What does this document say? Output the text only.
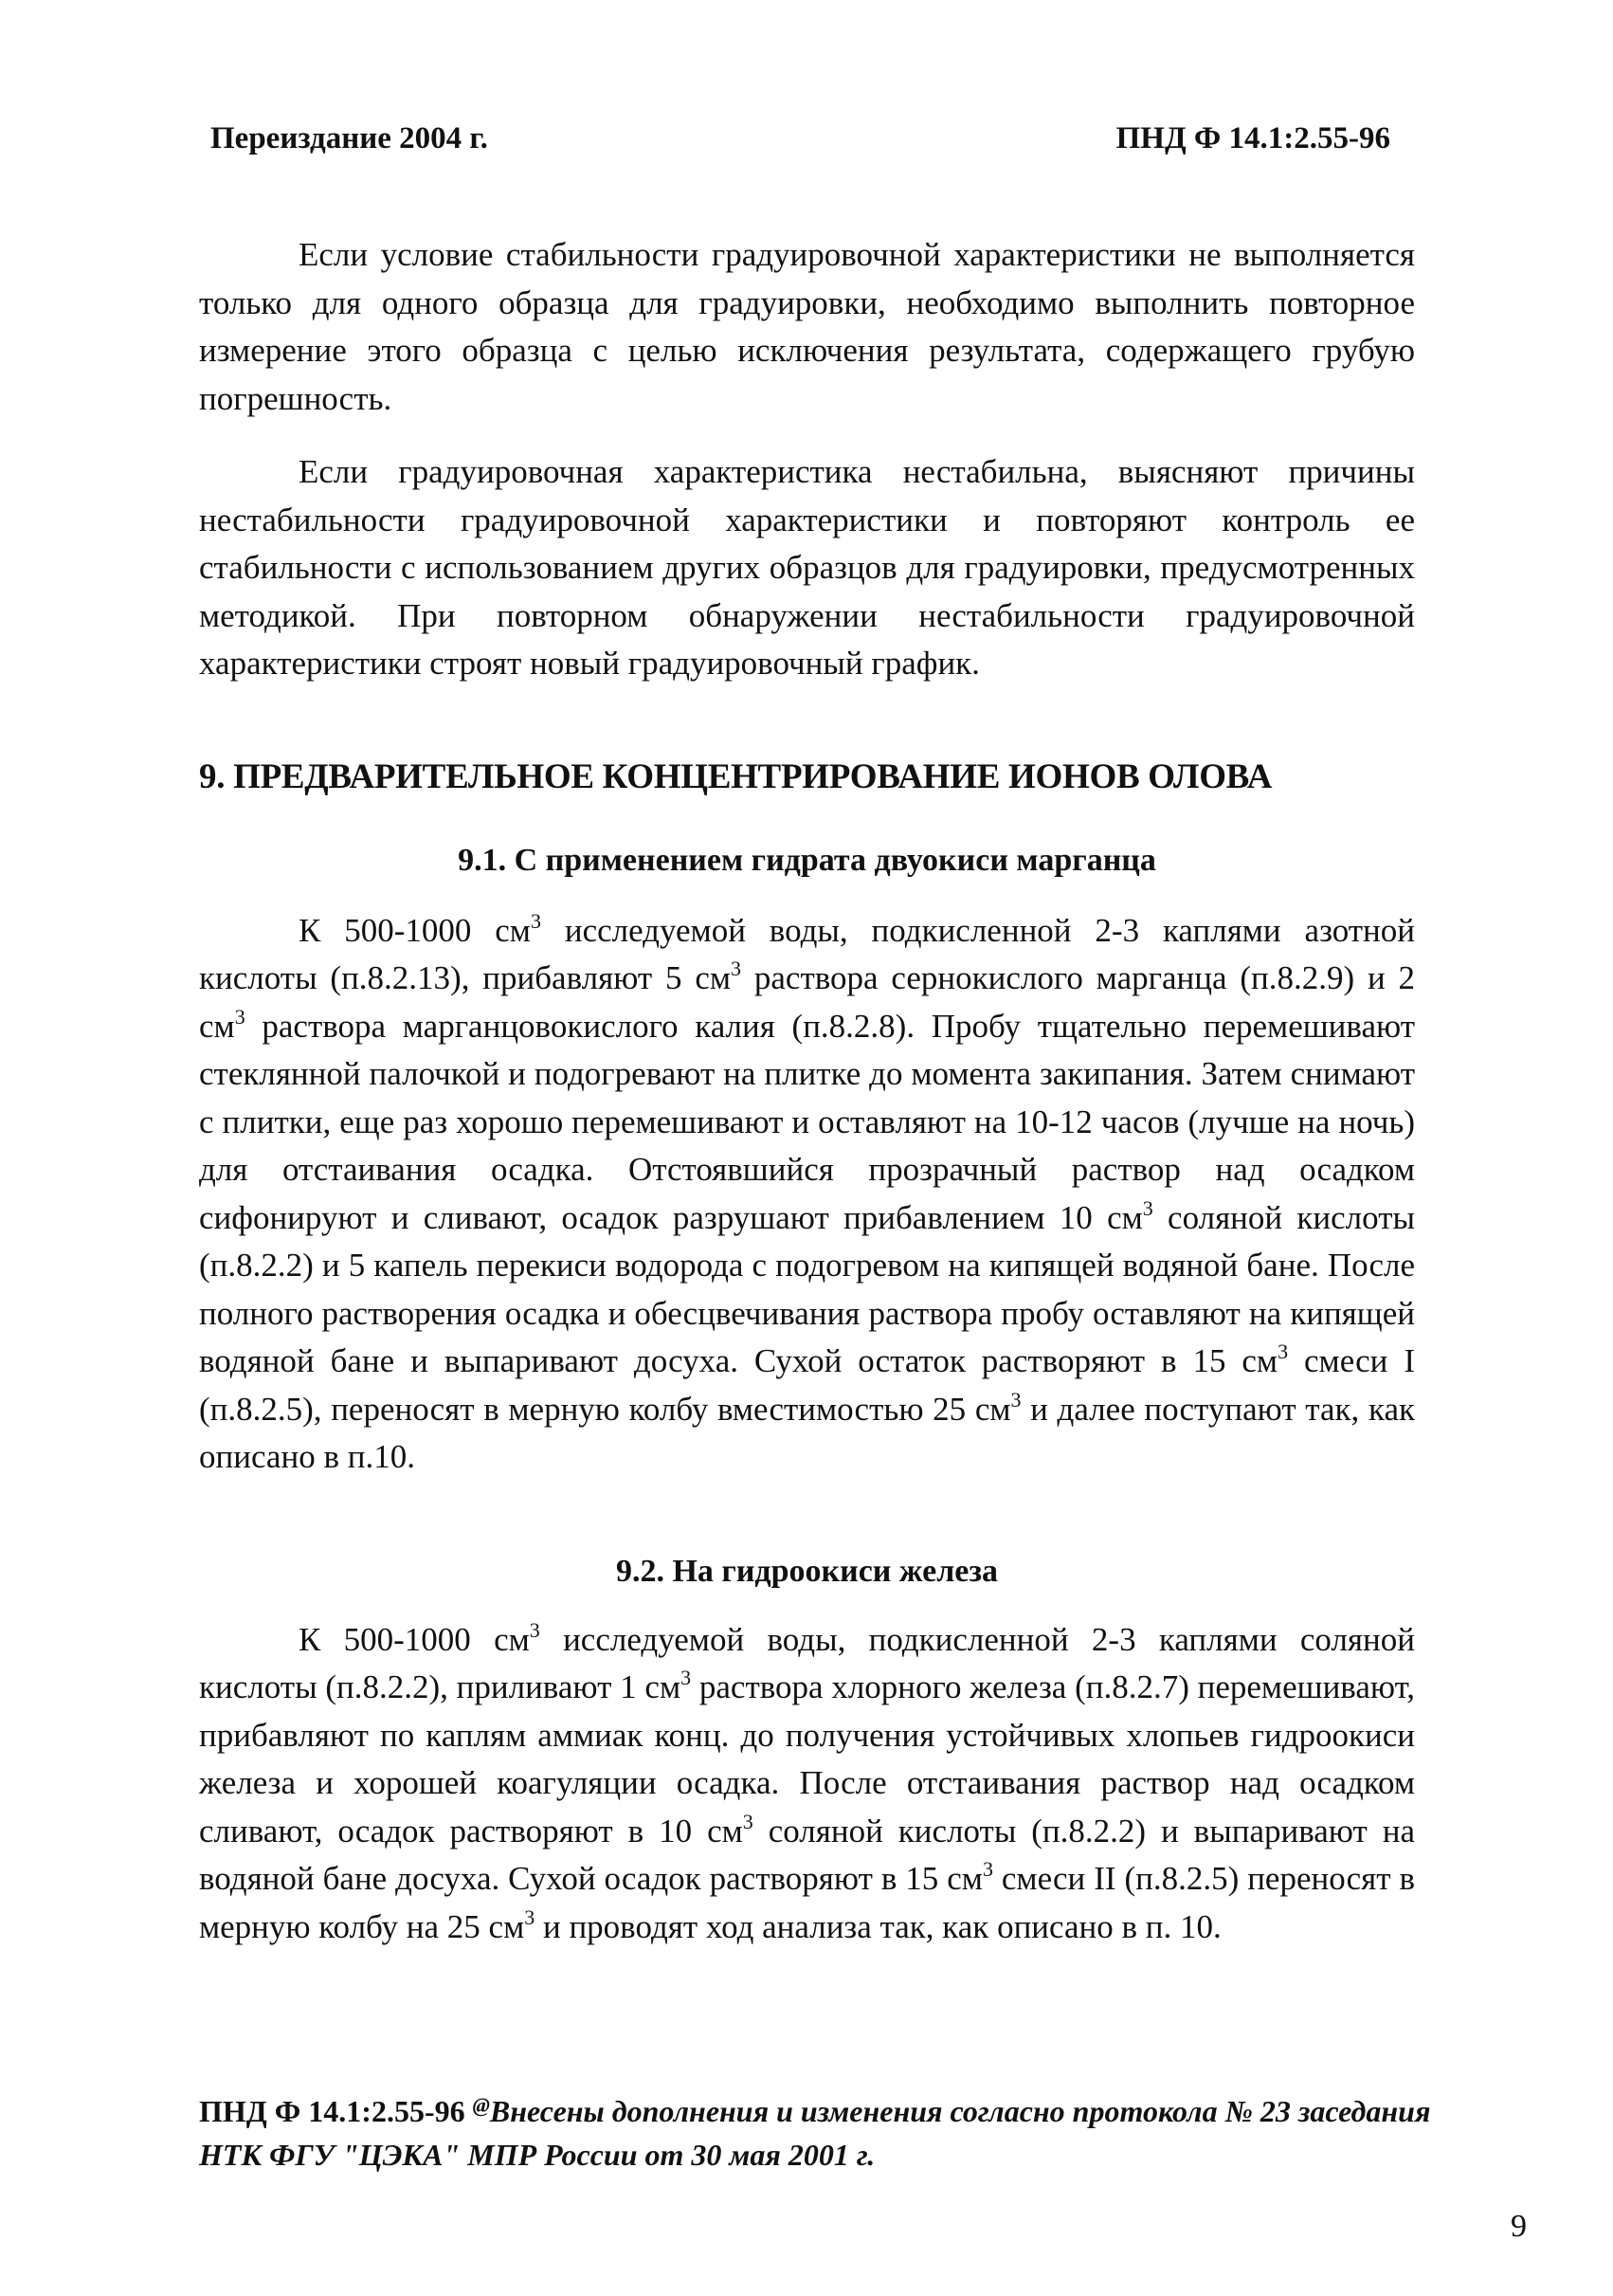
Переиздание 2004 г.	ПНД Ф 14.1:2.55-96

Если условие стабильности градуировочной характеристики не выполняется только для одного образца для градуировки, необходимо выполнить повторное измерение этого образца с целью исключения результата, содержащего грубую погрешность.

Если градуировочная характеристика нестабильна, выясняют причины нестабильности градуировочной характеристики и повторяют контроль ее стабильности с использованием других образцов для градуировки, предусмотренных методикой. При повторном обнаружении нестабильности градуировочной характеристики строят новый градуировочный график.

9. ПРЕДВАРИТЕЛЬНОЕ КОНЦЕНТРИРОВАНИЕ ИОНОВ ОЛОВА
9.1. С применением гидрата двуокиси марганца

К 500-1000 $см^3$ исследуемой воды, подкисленной 2-3 каплями азотной кислоты (п.8.2.13), прибавляют 5 $см^3$ раствора сернокислого марганца (п.8.2.9) и 2 $см^3$ раствора марганцовокислого калия (п.8.2.8). Пробу тщательно перемешивают стеклянной палочкой и подогревают на плитке до момента закипания. Затем снимают с плитки, еще раз хорошо перемешивают и оставляют на 10-12 часов (лучше на ночь) для отстаивания осадка. Отстоявшийся прозрачный раствор над осадком сифонируют и сливают, осадок разрушают прибавлением 10 $см^3$ соляной кислоты (п.8.2.2) и 5 капель перекиси водорода с подогревом на кипящей водяной бане. После полного растворения осадка и обесцвечивания раствора пробу оставляют на кипящей водяной бане и выпаривают досуха. Сухой остаток растворяют в 15 $см^3$ смеси I (п.8.2.5), переносят в мерную колбу вместимостью 25 $см^3$ и далее поступают так, как описано в п.10.

9.2. На гидроокиси железа

К 500-1000 $см^3$ исследуемой воды, подкисленной 2-3 каплями соляной кислоты (п.8.2.2), приливают 1 $см^3$ раствора хлорного железа (п.8.2.7) перемешивают, прибавляют по каплям аммиак конц. до получения устойчивых хлопьев гидроокиси железа и хорошей коагуляции осадка. После отстаивания раствор над осадком сливают, осадок растворяют в 10 $см^3$ соляной кислоты (п.8.2.2) и выпаривают на водяной бане досуха. Сухой осадок растворяют в 15 $см^3$ смеси II (п.8.2.5) переносят в мерную колбу на 25 $см^3$ и проводят ход анализа так, как описано в п. 10.

ПНД Ф 14.1:2.55-96 @Внесены дополнения и изменения согласно протокола № 23 заседания НТК ФГУ "ЦЭКА" МПР России от 30 мая 2001 г.
9
